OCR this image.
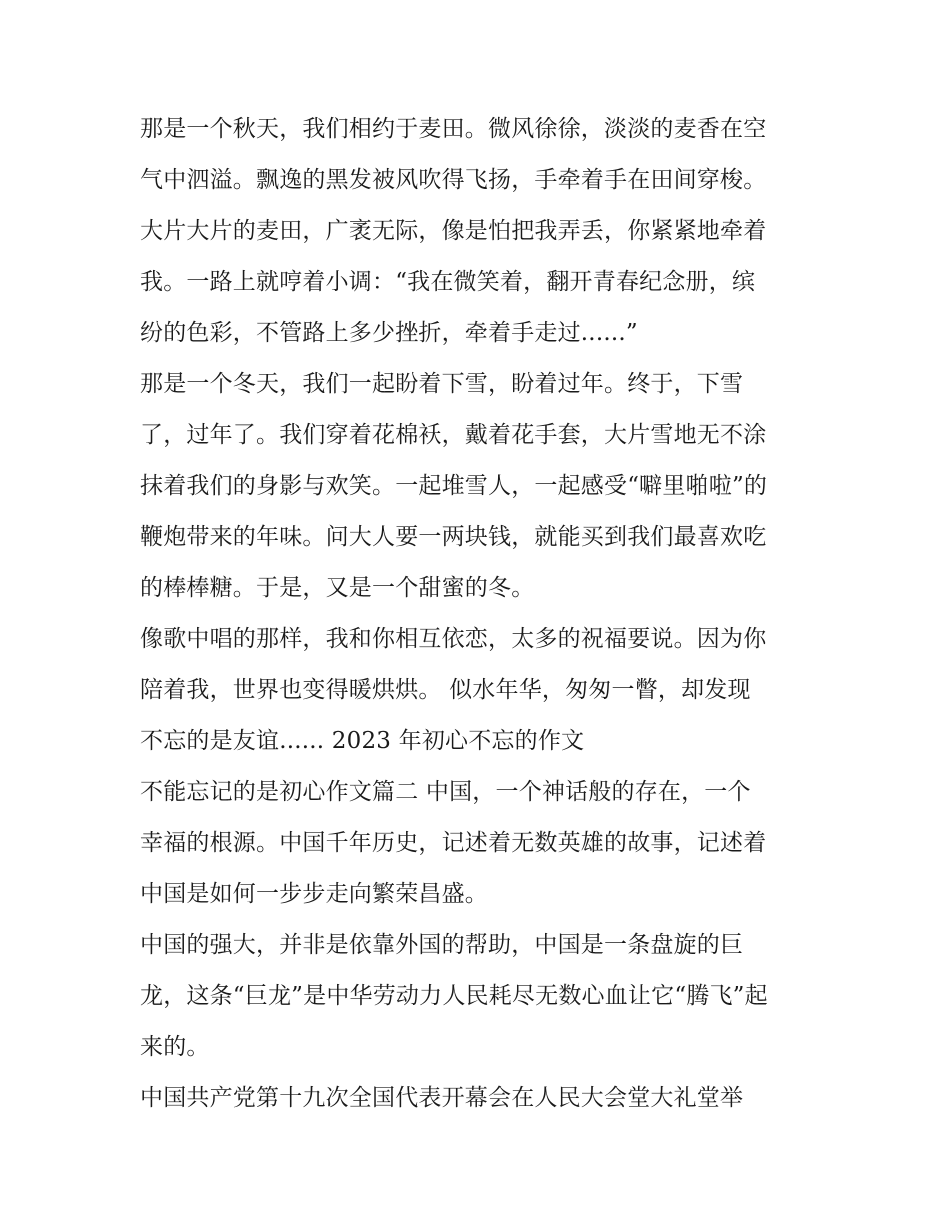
那是一个秋天，我们相约于麦田。微风徐徐，淡淡的麦香在空
气中泗溢。飘逸的黑发被风吹得飞扬，手牵着手在田间穿梭。
大片大片的麦田，广袤无际，像是怕把我弄丢，你紧紧地牵着
我。一路上就哼着小调：“我在微笑着，翻开青春纪念册，缤
纷的色彩，不管路上多少挫折，牵着手走过......”
那是一个冬天，我们一起盼着下雪，盼着过年。终于，下雪
了，过年了。我们穿着花棉袄，戴着花手套，大片雪地无不涂
抹着我们的身影与欢笑。一起堆雪人，一起感受“噼里啪啦”的
鞭炮带来的年味。问大人要一两块钱，就能买到我们最喜欢吃
的棒棒糖。于是，又是一个甜蜜的冬。
像歌中唱的那样，我和你相互依恋，太多的祝福要说。因为你
陪着我，世界也变得暖烘烘。 似水年华，匆匆一瞥，却发现
不忘的是友谊...... 2023 年初心不忘的作文
不能忘记的是初心作文篇二 中国，一个神话般的存在，一个
幸福的根源。中国千年历史，记述着无数英雄的故事，记述着
中国是如何一步步走向繁荣昌盛。
中国的强大，并非是依靠外国的帮助，中国是一条盘旋的巨
龙，这条“巨龙”是中华劳动力人民耗尽无数心血让它“腾飞”起
来的。
中国共产党第十九次全国代表开幕会在人民大会堂大礼堂举
